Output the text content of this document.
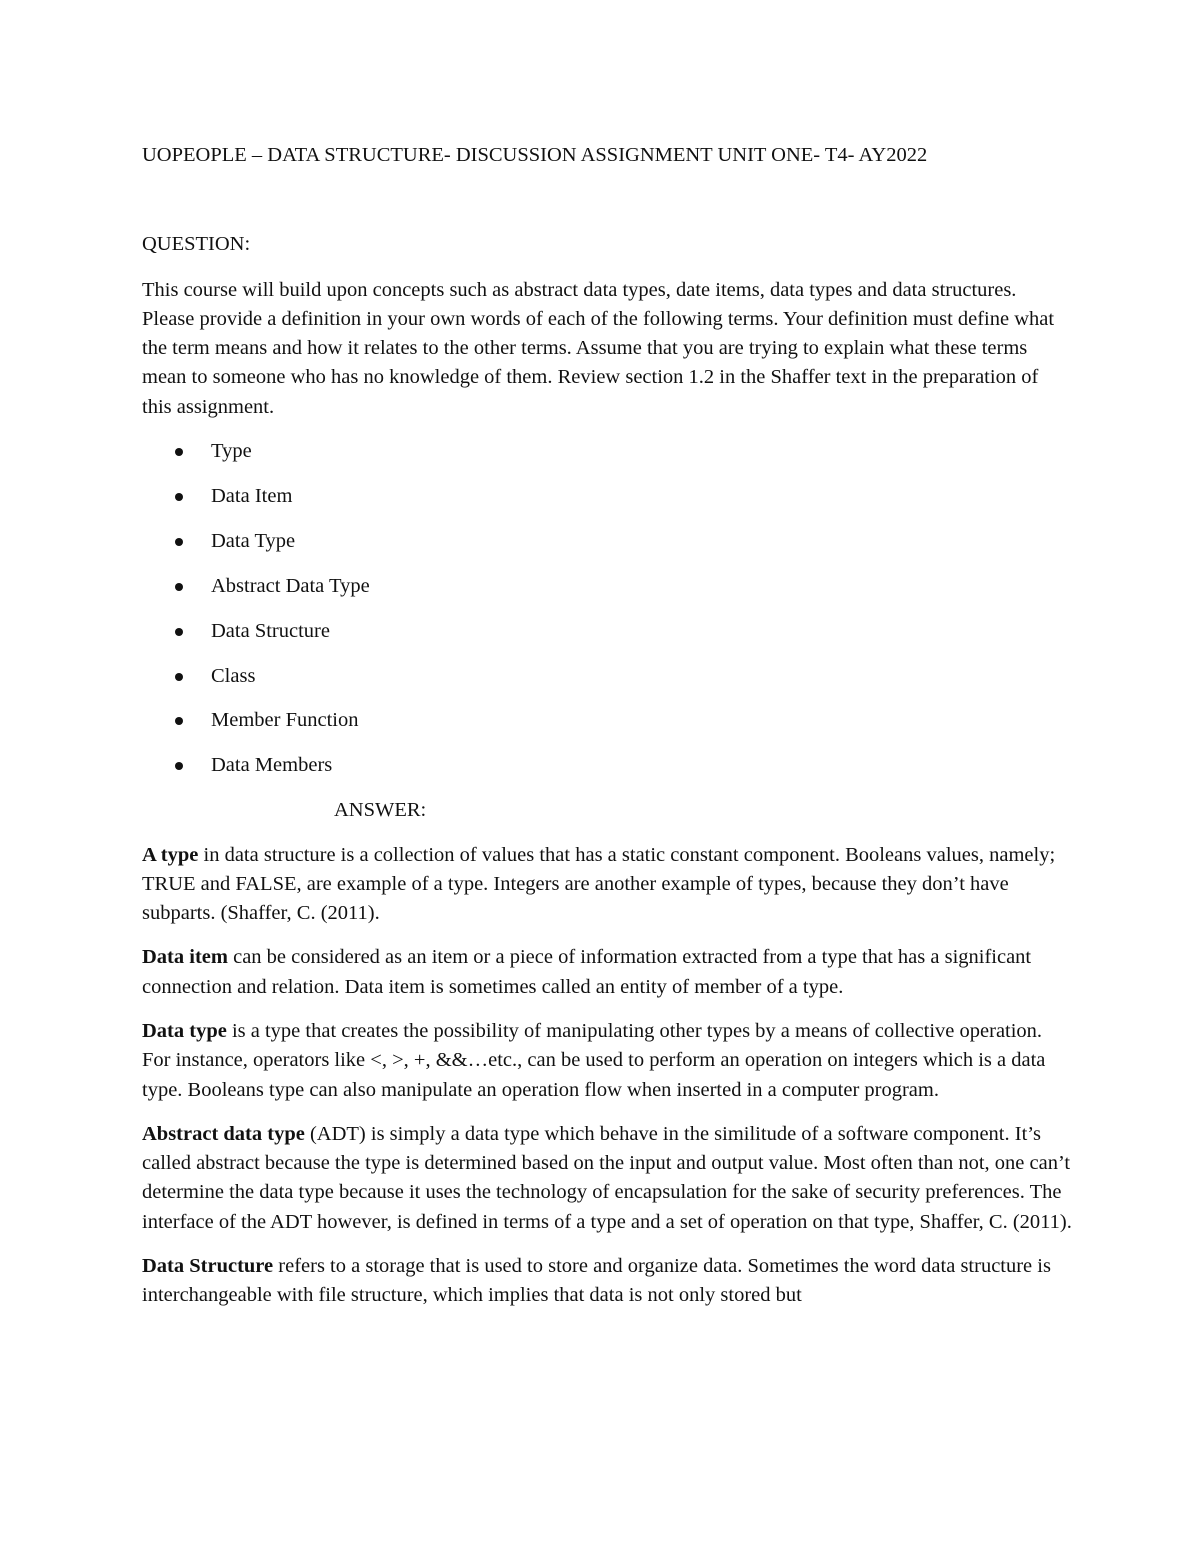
UOPEOPLE – DATA STRUCTURE- DISCUSSION ASSIGNMENT UNIT ONE- T4- AY2022

QUESTION:

This course will build upon concepts such as abstract data types, date items, data types and data structures. Please provide a definition in your own words of each of the following terms. Your definition must define what the term means and how it relates to the other terms. Assume that you are trying to explain what these terms mean to someone who has no knowledge of them. Review section 1.2 in the Shaffer text in the preparation of this assignment.

Type
Data Item
Data Type
Abstract Data Type
Data Structure
Class
Member Function
Data Members

ANSWER:

A type in data structure is a collection of values that has a static constant component. Booleans values, namely; TRUE and FALSE, are example of a type. Integers are another example of types, because they don’t have subparts. (Shaffer, C. (2011).

Data item can be considered as an item or a piece of information extracted from a type that has a significant connection and relation. Data item is sometimes called an entity of member of a type.

Data type is a type that creates the possibility of manipulating other types by a means of collective operation. For instance, operators like <, >, +, &&…etc., can be used to perform an operation on integers which is a data type. Booleans type can also manipulate an operation flow when inserted in a computer program.

Abstract data type (ADT) is simply a data type which behave in the similitude of a software component. It’s called abstract because the type is determined based on the input and output value. Most often than not, one can’t determine the data type because it uses the technology of encapsulation for the sake of security preferences. The interface of the ADT however, is defined in terms of a type and a set of operation on that type, Shaffer, C. (2011).

Data Structure refers to a storage that is used to store and organize data. Sometimes the word data structure is interchangeable with file structure, which implies that data is not only stored but
